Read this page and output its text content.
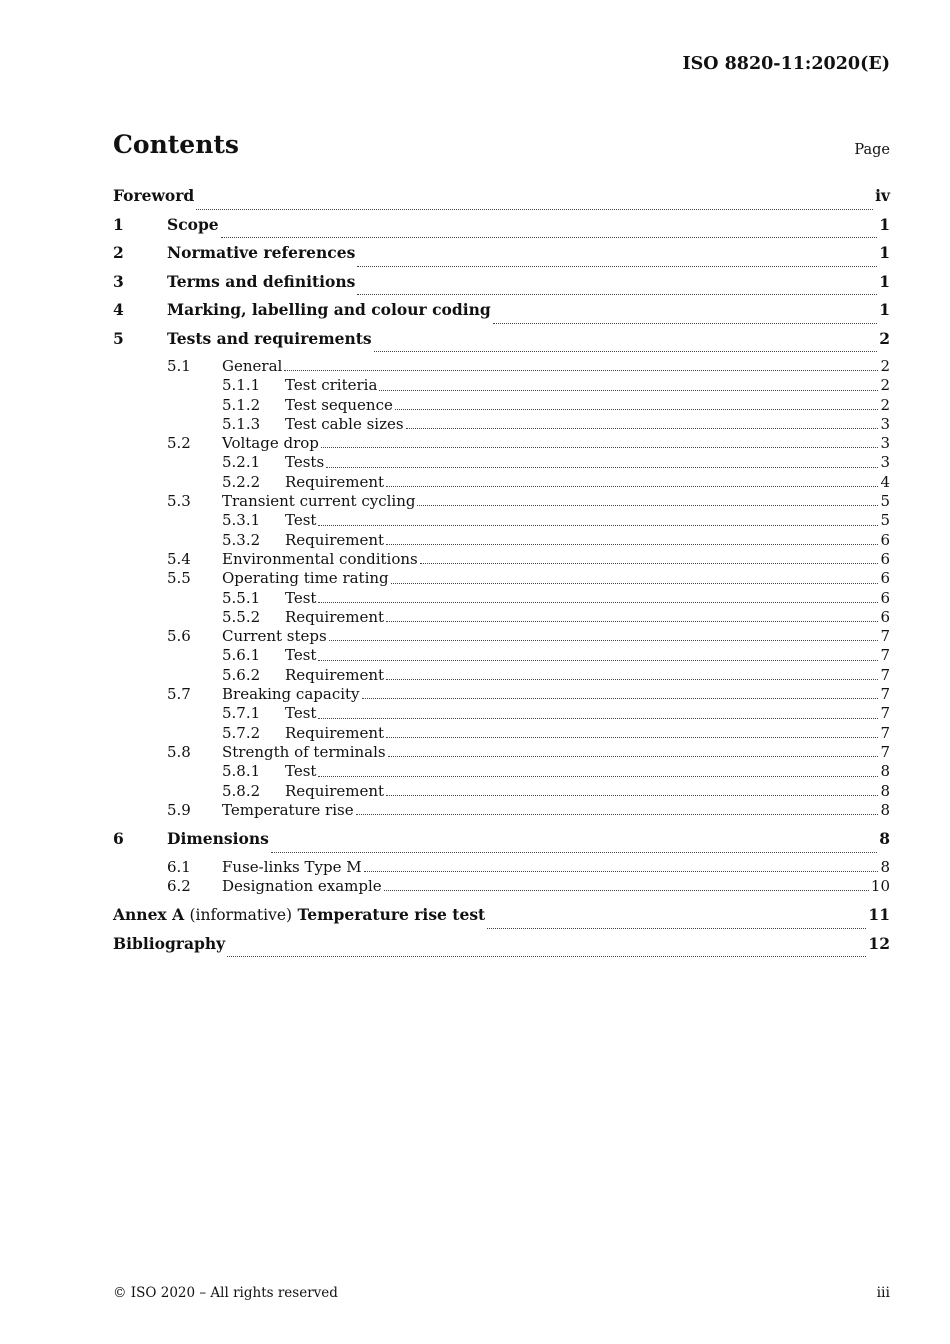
ISO 8820-11:2020(E)
Contents	Page
Foreword	iv
1	Scope	1
2	Normative references	1
3	Terms and definitions	1
4	Marking, labelling and colour coding	1
5	Tests and requirements	2
5.1	General	2
5.1.1	Test criteria	2
5.1.2	Test sequence	2
5.1.3	Test cable sizes	3
5.2	Voltage drop	3
5.2.1	Tests	3
5.2.2	Requirement	4
5.3	Transient current cycling	5
5.3.1	Test	5
5.3.2	Requirement	6
5.4	Environmental conditions	6
5.5	Operating time rating	6
5.5.1	Test	6
5.5.2	Requirement	6
5.6	Current steps	7
5.6.1	Test	7
5.6.2	Requirement	7
5.7	Breaking capacity	7
5.7.1	Test	7
5.7.2	Requirement	7
5.8	Strength of terminals	7
5.8.1	Test	8
5.8.2	Requirement	8
5.9	Temperature rise	8
6	Dimensions	8
6.1	Fuse-links Type M	8
6.2	Designation example	10
Annex A (informative) Temperature rise test	11
Bibliography	12
© ISO 2020 – All rights reserved	iii
